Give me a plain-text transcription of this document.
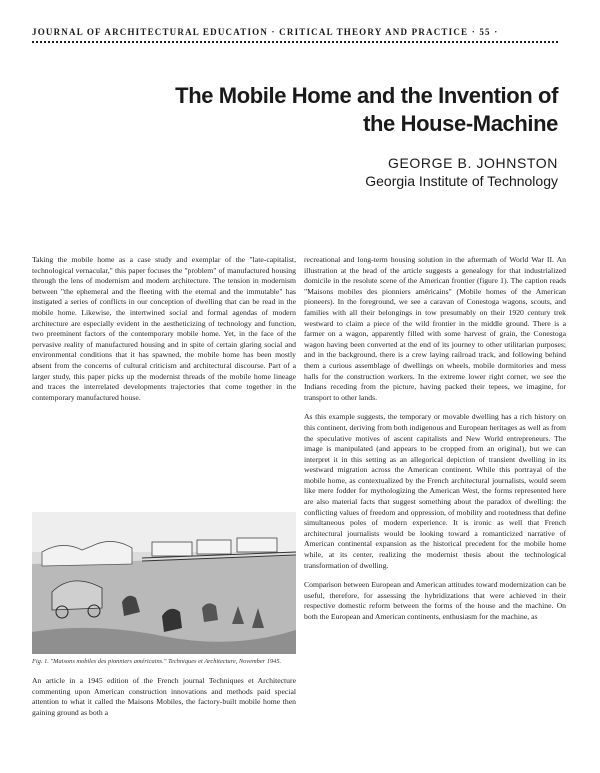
JOURNAL OF ARCHITECTURAL EDUCATION · CRITICAL THEORY AND PRACTICE · 55 ·
The Mobile Home and the Invention of the House-Machine
GEORGE B. JOHNSTON
Georgia Institute of Technology

Taking the mobile home as a case study and exemplar of the "late-capitalist, technological vernacular," this paper focuses the "problem" of manufactured housing through the lens of modernism and modern architecture. The tension in modernism between "the ephemeral and the fleeting with the eternal and the immutable" has instigated a series of conflicts in our conception of dwelling that can be read in the mobile home. Likewise, the intertwined social and formal agendas of modern architecture are especially evident in the aestheticizing of technology and function, two preeminent factors of the contemporary mobile home. Yet, in the face of the pervasive reality of manufactured housing and in spite of certain glaring social and environmental conditions that it has spawned, the mobile home has been mostly absent from the concerns of cultural criticism and architectural discourse. Part of a larger study, this paper picks up the modernist threads of the mobile home lineage and traces the interrelated developments trajectories that come together in the contemporary manufactured house.

Fig. 1. "Maisons mobiles des pionniers américains." Techniques et Architecture, November 1945.

An article in a 1945 edition of the French journal Techniques et Architecture commenting upon American construction innovations and methods paid special attention to what it called the Maisons Mobiles, the factory-built mobile home then gaining ground as both a

recreational and long-term housing solution in the aftermath of World War II. An illustration at the head of the article suggests a genealogy for that industrialized domicile in the resolute scene of the American frontier (figure 1). The caption reads "Maisons mobiles des pionniers américains" (Mobile homes of the American pioneers). In the foreground, we see a caravan of Conestoga wagons, scouts, and families with all their belongings in tow presumably on their 1920 century trek westward to claim a piece of the wild frontier in the middle ground. There is a farmer on a wagon, apparently filled with some harvest of grain, the Conestoga wagon having been converted at the end of its journey to other utilitarian purposes; and in the background, there is a crew laying railroad track, and following behind them a curious assemblage of dwellings on wheels, mobile dormitories and mess halls for the construction workers. In the extreme lower right corner, we see the Indians receding from the picture, having packed their tepees, we imagine, for transport to other lands.

As this example suggests, the temporary or movable dwelling has a rich history on this continent, deriving from both indigenous and European heritages as well as from the speculative motives of ascent capitalists and New World entrepreneurs. The image is manipulated (and appears to be cropped from an original), but we can interpret it in this setting as an allegorical depiction of transient dwelling in its westward migration across the American continent. While this portrayal of the mobile home, as contextualized by the French architectural journalists, would seem like mere fodder for mythologizing the American West, the forms represented here are also material facts that suggest something about the paradox of dwelling: the conflicting values of freedom and oppression, of mobility and rootedness that define simultaneous poles of modern experience. It is ironic as well that French architectural journalists would be looking toward a romanticized narrative of American continental expansion as the historical precedent for the mobile home while, at its center, realizing the modernist thesis about the technological transformation of dwelling.

Comparison between European and American attitudes toward modernization can be useful, therefore, for assessing the hybridizations that were achieved in their respective domestic reform between the forms of the house and the machine. On both the European and American continents, enthusiasm for the machine, as
